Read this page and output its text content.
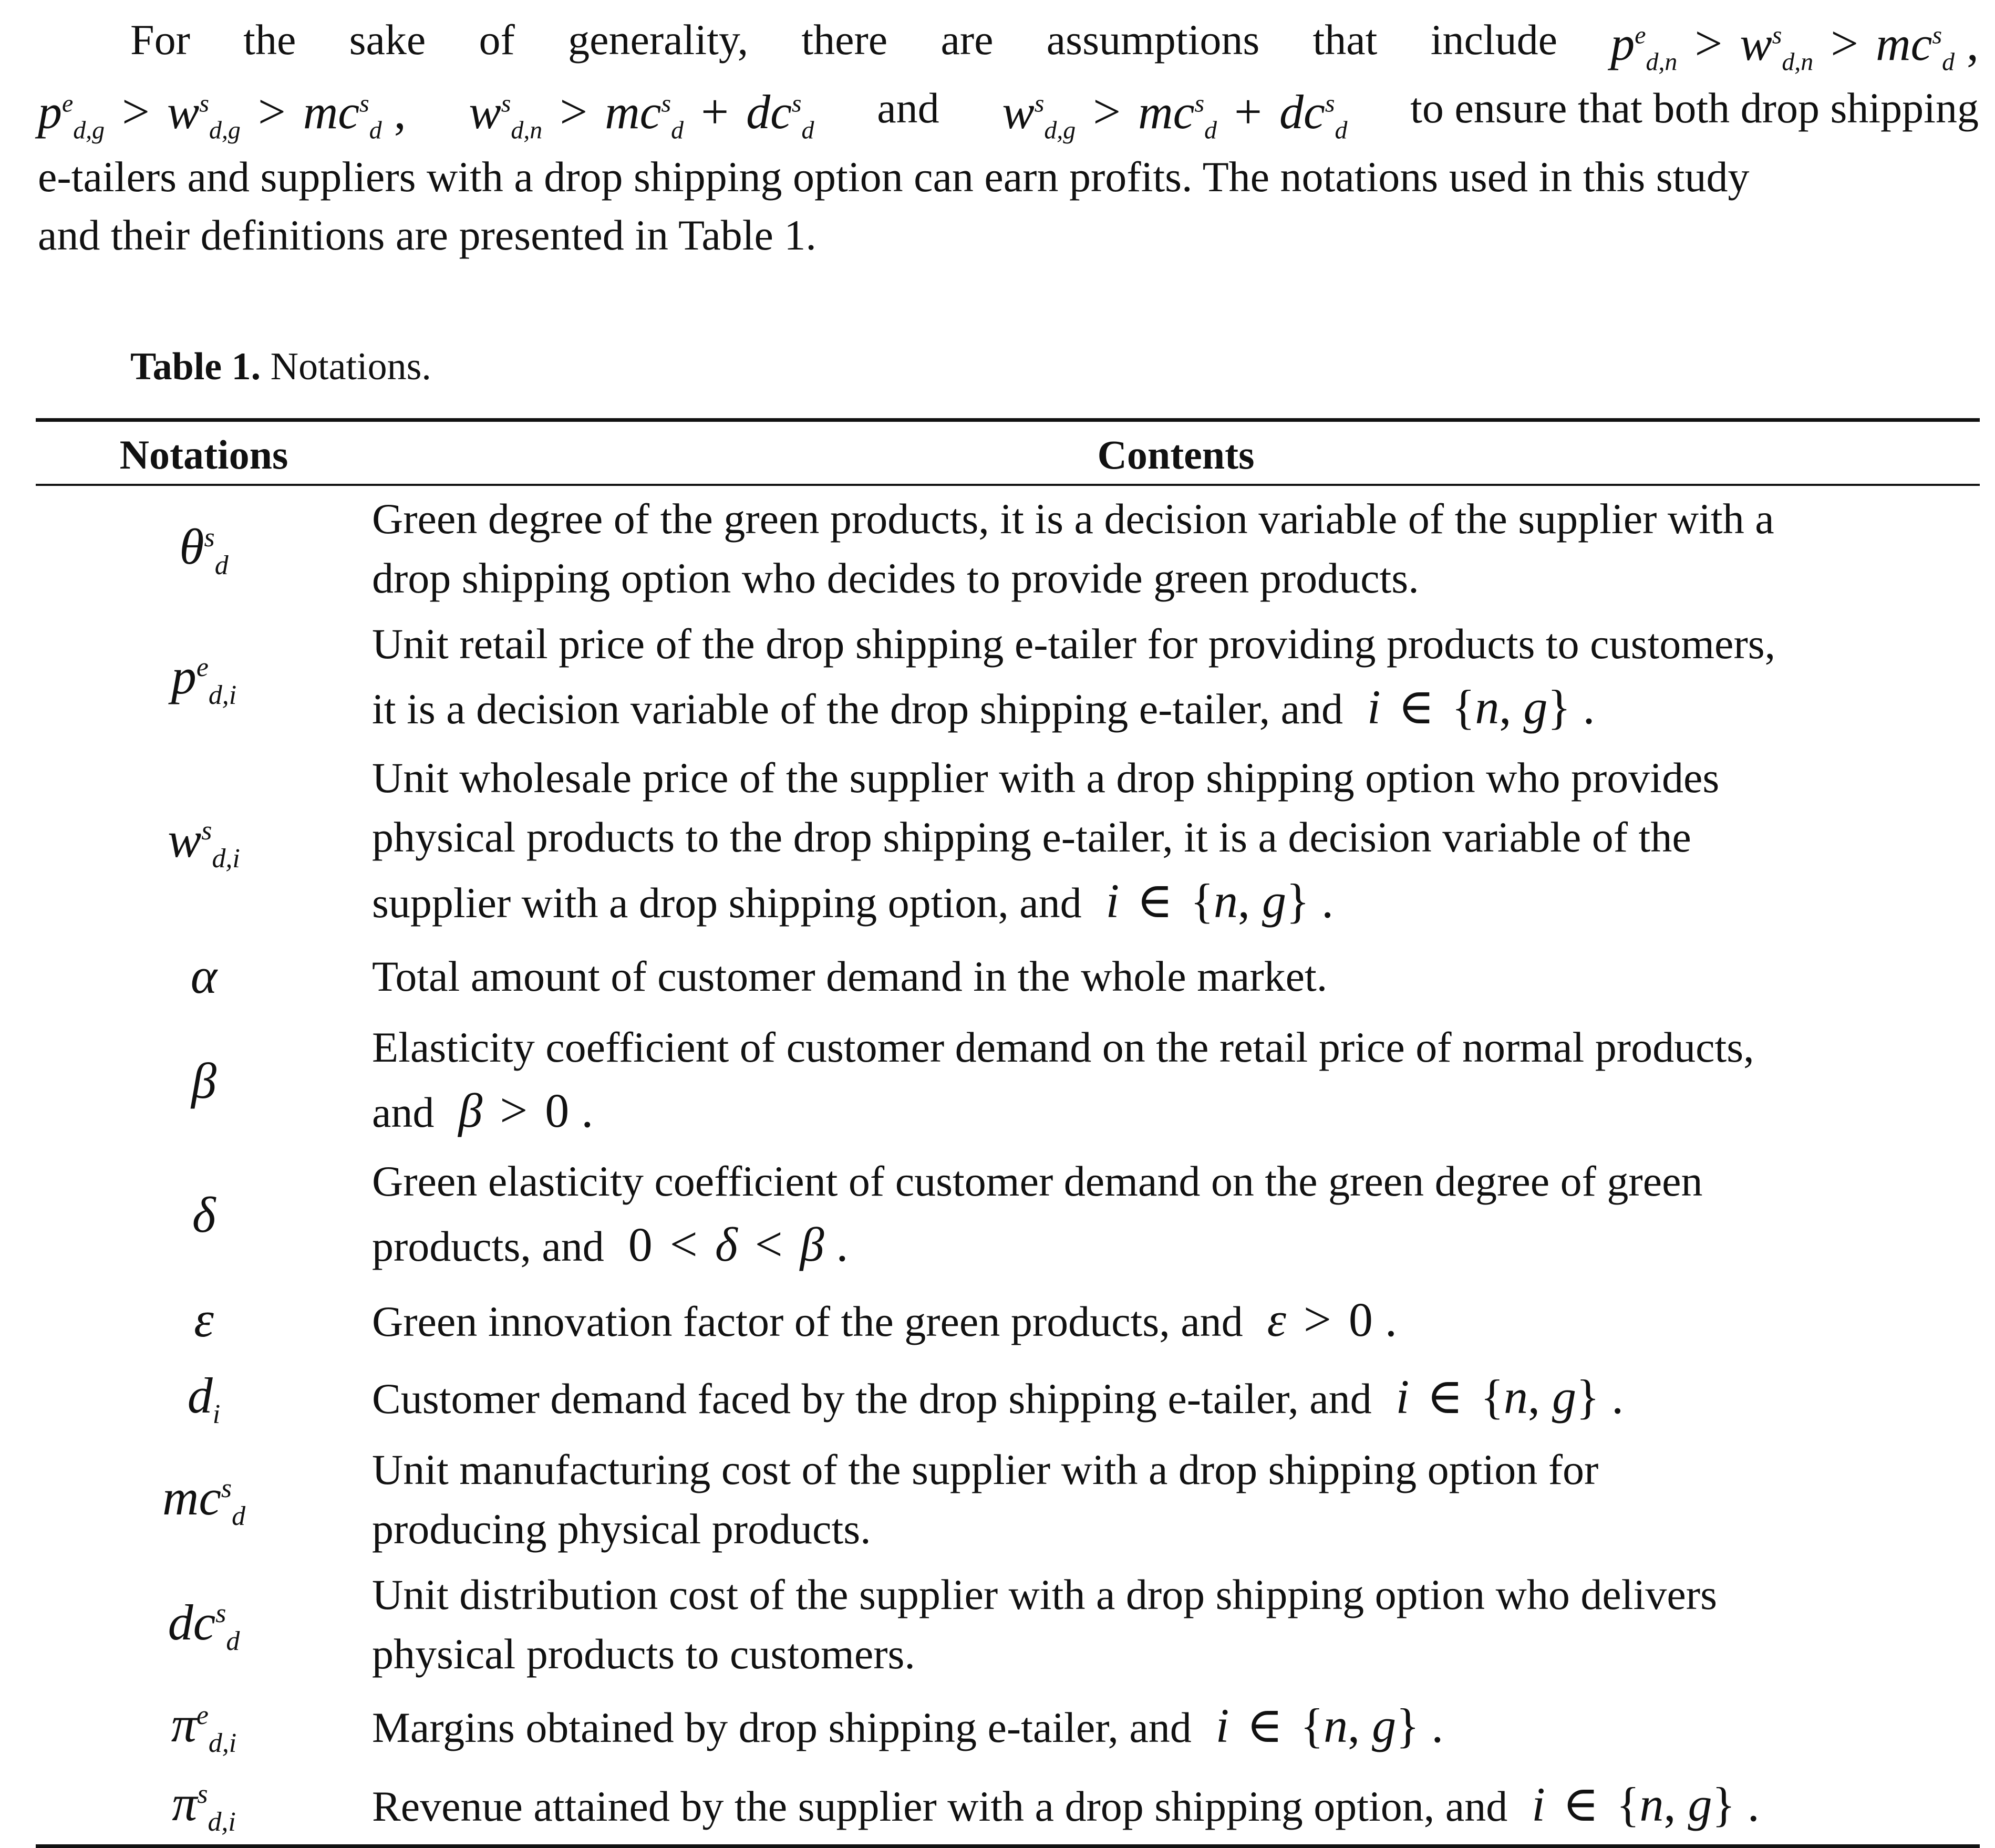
For the sake of generality, there are assumptions that include $p^e_{d,n} > w^s_{d,n} > mc^s_d$ ,
$p^e_{d,g} > w^s_{d,g} > mc^s_d$ , $w^s_{d,n} > mc^s_d + dc^s_d$ and $w^s_{d,g} > mc^s_d + dc^s_d$ to ensure that both drop shipping
e-tailers and suppliers with a drop shipping option can earn profits. The notations used in this study
and their definitions are presented in Table 1.
Table 1. Notations.
Notations	Contents
$\theta^s_d$	Green degree of the green products, it is a decision variable of the supplier with a
drop shipping option who decides to provide green products.

$p^e_{d,i}$	Unit retail price of the drop shipping e-tailer for providing products to customers,
it is a decision variable of the drop shipping e-tailer, and  i ∈ {n, g} .

$w^s_{d,i}$	Unit wholesale price of the supplier with a drop shipping option who provides
physical products to the drop shipping e-tailer, it is a decision variable of the
supplier with a drop shipping option, and  i ∈ {n, g} .

α	Total amount of customer demand in the whole market.

β	Elasticity coefficient of customer demand on the retail price of normal products,
and  β > 0 .

δ	Green elasticity coefficient of customer demand on the green degree of green
products, and 0 < δ < β .

ε	Green innovation factor of the green products, and  ε > 0 .

$d_i$	Customer demand faced by the drop shipping e-tailer, and  i ∈ {n, g} .

$mc^s_d$	Unit manufacturing cost of the supplier with a drop shipping option for
producing physical products.

$dc^s_d$	Unit distribution cost of the supplier with a drop shipping option who delivers
physical products to customers.

$\pi^e_{d,i}$	Margins obtained by drop shipping e-tailer, and  i ∈ {n, g} .

$\pi^s_{d,i}$	Revenue attained by the supplier with a drop shipping option, and  i ∈ {n, g} .
